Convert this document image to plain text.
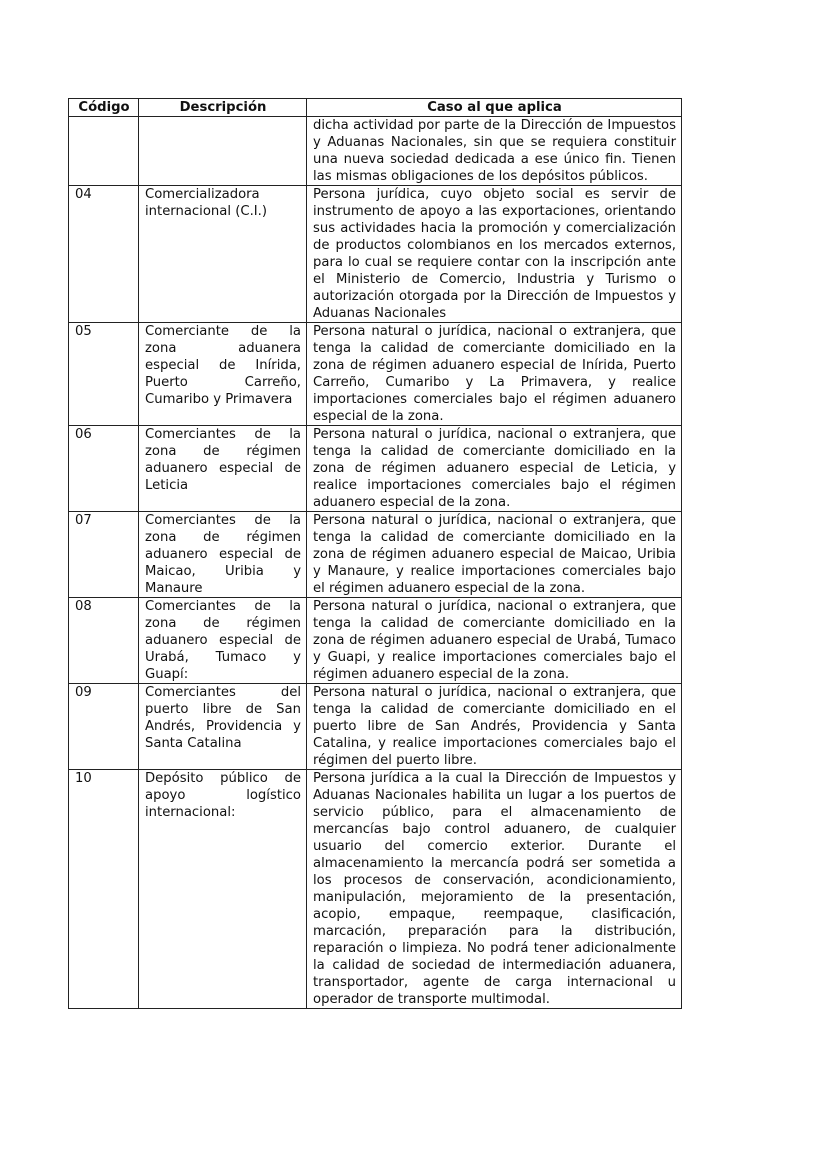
Código	Descripción	Caso al que aplica
		dicha actividad por parte de la Dirección de Impuestos y Aduanas Nacionales, sin que se requiera constituir una nueva sociedad dedicada a ese único fin. Tienen las mismas obligaciones de los depósitos públicos.
04	Comercializadora internacional (C.I.)	Persona jurídica, cuyo objeto social es servir de instrumento de apoyo a las exportaciones, orientando sus actividades hacia la promoción y comercialización de productos colombianos en los mercados externos, para lo cual se requiere contar con la inscripción ante el Ministerio de Comercio, Industria y Turismo o autorización otorgada por la Dirección de Impuestos y Aduanas Nacionales
05	Comerciante de la zona aduanera especial de Inírida, Puerto Carreño, Cumaribo y Primavera	Persona natural o jurídica, nacional o extranjera, que tenga la calidad de comerciante domiciliado en la zona de régimen aduanero especial de Inírida, Puerto Carreño, Cumaribo y La Primavera, y realice importaciones comerciales bajo el régimen aduanero especial de la zona.
06	Comerciantes de la zona de régimen aduanero especial de Leticia	Persona natural o jurídica, nacional o extranjera, que tenga la calidad de comerciante domiciliado en la zona de régimen aduanero especial de Leticia, y realice importaciones comerciales bajo el régimen aduanero especial de la zona.
07	Comerciantes de la zona de régimen aduanero especial de Maicao, Uribia y Manaure	Persona natural o jurídica, nacional o extranjera, que tenga la calidad de comerciante domiciliado en la zona de régimen aduanero especial de Maicao, Uribia y Manaure, y realice importaciones comerciales bajo el régimen aduanero especial de la zona.
08	Comerciantes de la zona de régimen aduanero especial de Urabá, Tumaco y Guapí:	Persona natural o jurídica, nacional o extranjera, que tenga la calidad de comerciante domiciliado en la zona de régimen aduanero especial de Urabá, Tumaco y Guapi, y realice importaciones comerciales bajo el régimen aduanero especial de la zona.
09	Comerciantes del puerto libre de San Andrés, Providencia y Santa Catalina	Persona natural o jurídica, nacional o extranjera, que tenga la calidad de comerciante domiciliado en el puerto libre de San Andrés, Providencia y Santa Catalina, y realice importaciones comerciales bajo el régimen del puerto libre.
10	Depósito público de apoyo logístico internacional:	Persona jurídica a la cual la Dirección de Impuestos y Aduanas Nacionales habilita un lugar a los puertos de servicio público, para el almacenamiento de mercancías bajo control aduanero, de cualquier usuario del comercio exterior. Durante el almacenamiento la mercancía podrá ser sometida a los procesos de conservación, acondicionamiento, manipulación, mejoramiento de la presentación, acopio, empaque, reempaque, clasificación, marcación, preparación para la distribución, reparación o limpieza. No podrá tener adicionalmente la calidad de sociedad de intermediación aduanera, transportador, agente de carga internacional u operador de transporte multimodal.
